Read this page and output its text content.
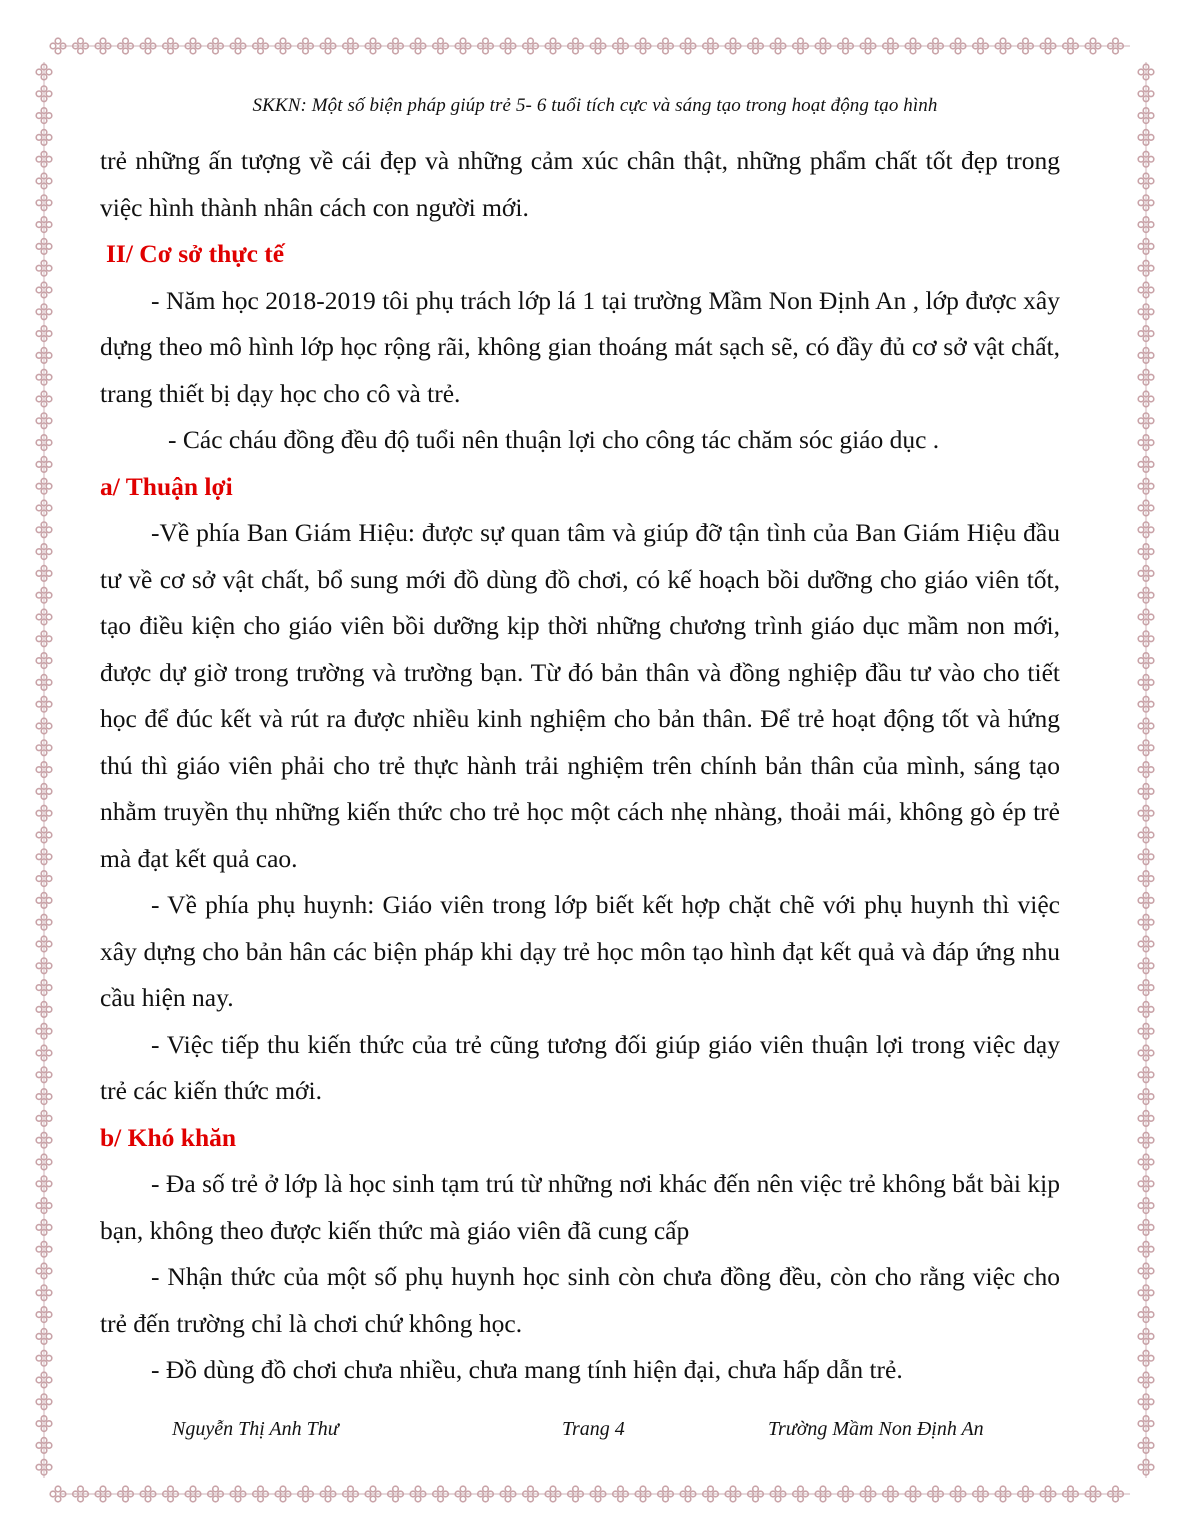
SKKN: Một số biện pháp giúp trẻ 5- 6 tuổi tích cực và sáng tạo trong hoạt động tạo hình

trẻ những ấn tượng về cái đẹp và những cảm xúc chân thật, những phẩm chất tốt đẹp trong việc hình thành nhân cách con người mới.

II/ Cơ sở thực tế

- Năm học 2018-2019 tôi phụ trách lớp lá 1 tại trường Mầm Non Định An , lớp được xây dựng theo mô hình lớp học rộng rãi, không gian thoáng mát sạch sẽ, có đầy đủ cơ sở vật chất, trang thiết bị dạy học cho cô và trẻ.

- Các cháu đồng đều độ tuổi nên thuận lợi cho công tác chăm sóc giáo dục .

a/ Thuận lợi

-Về phía Ban Giám Hiệu: được sự quan tâm và giúp đỡ tận tình của Ban Giám Hiệu đầu tư về cơ sở vật chất, bổ sung mới đồ dùng đồ chơi, có kế hoạch bồi dưỡng cho giáo viên tốt, tạo điều kiện cho giáo viên bồi dưỡng kịp thời những chương trình giáo dục mầm non mới, được dự giờ trong trường và trường bạn. Từ đó bản thân và đồng nghiệp đầu tư vào cho tiết học để đúc kết và rút ra được nhiều kinh nghiệm cho bản thân. Để trẻ hoạt động tốt và hứng thú thì giáo viên phải cho trẻ thực hành trải nghiệm trên chính bản thân của mình, sáng tạo nhằm truyền thụ những kiến thức cho trẻ học một cách nhẹ nhàng, thoải mái, không gò ép trẻ mà đạt kết quả cao.

- Về phía phụ huynh: Giáo viên trong lớp biết kết hợp chặt chẽ với phụ huynh thì việc xây dựng cho bản hân các biện pháp khi dạy trẻ học môn tạo hình đạt kết quả và đáp ứng nhu cầu hiện nay.

- Việc tiếp thu kiến thức của trẻ cũng tương đối giúp giáo viên thuận lợi trong việc dạy trẻ các kiến thức mới.

b/ Khó khăn

- Đa số trẻ ở lớp là học sinh tạm trú từ những nơi khác đến nên việc trẻ không bắt bài kịp bạn, không theo được kiến thức mà giáo viên đã cung cấp

- Nhận thức của một số phụ huynh học sinh còn chưa đồng đều, còn cho rằng việc cho trẻ đến trường chỉ là chơi chứ không học.

- Đồ dùng đồ chơi chưa nhiều, chưa mang tính hiện đại, chưa hấp dẫn trẻ.

Nguyễn Thị Anh Thư	Trang 4	Trường Mầm Non Định An
